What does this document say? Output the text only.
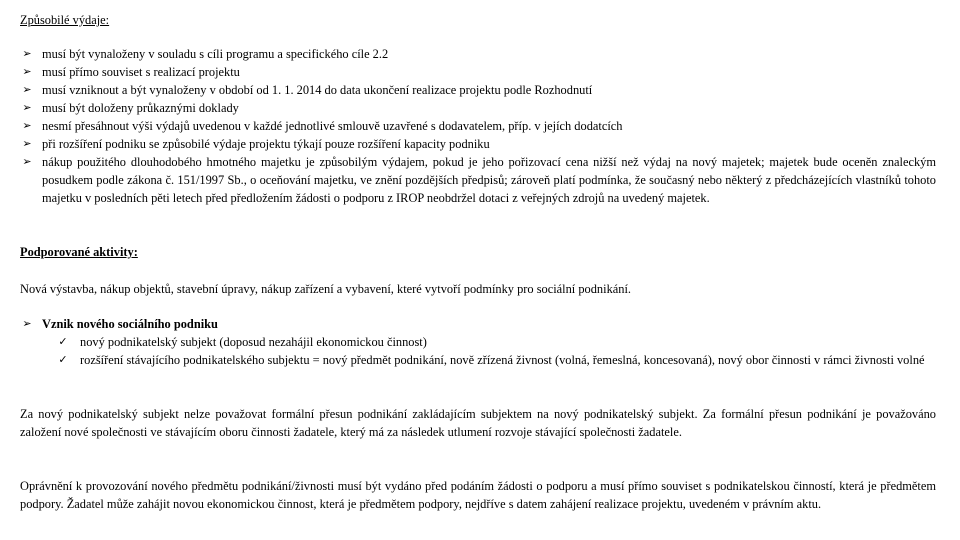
Způsobilé výdaje:
➢ musí být vynaloženy v souladu s cíli programu a specifického cíle 2.2
➢ musí přímo souviset s realizací projektu
➢ musí vzniknout a být vynaloženy v období od 1. 1. 2014 do data ukončení realizace projektu podle Rozhodnutí
➢ musí být doloženy průkaznými doklady
➢ nesmí přesáhnout výši výdajů uvedenou v každé jednotlivé smlouvě uzavřené s dodavatelem, příp. v jejích dodatcích
➢ při rozšíření podniku se způsobilé výdaje projektu týkají pouze rozšíření kapacity podniku
➢ nákup použitého dlouhodobého hmotného majetku je způsobilým výdajem, pokud je jeho pořizovací cena nižší než výdaj na nový majetek; majetek bude oceněn znaleckým posudkem podle zákona č. 151/1997 Sb., o oceňování majetku, ve znění pozdějších předpisů; zároveň platí podmínka, že současný nebo některý z předcházejících vlastníků tohoto majetku v posledních pěti letech před předložením žádosti o podporu z IROP neobdržel dotaci z veřejných zdrojů na uvedený majetek.
Podporované aktivity:

Nová výstavba, nákup objektů, stavební úpravy, nákup zařízení a vybavení, které vytvoří podmínky pro sociální podnikání.

➢ Vznik nového sociálního podniku
✓ nový podnikatelský subjekt (doposud nezahájil ekonomickou činnost)
✓ rozšíření stávajícího podnikatelského subjektu = nový předmět podnikání, nově zřízená živnost (volná, řemeslná, koncesovaná), nový obor činnosti v rámci živnosti volné

Za nový podnikatelský subjekt nelze považovat formální přesun podnikání zakládajícím subjektem na nový podnikatelský subjekt. Za formální přesun podnikání je považováno založení nové společnosti ve stávajícím oboru činnosti žadatele, který má za následek utlumení rozvoje stávající společnosti žadatele.

Oprávnění k provozování nového předmětu podnikání/živnosti musí být vydáno před podáním žádosti o podporu a musí přímo souviset s podnikatelskou činností, která je předmětem podpory. Žadatel může zahájit novou ekonomickou činnost, která je předmětem podpory, nejdříve s datem zahájení realizace projektu, uvedeném v právním aktu.
